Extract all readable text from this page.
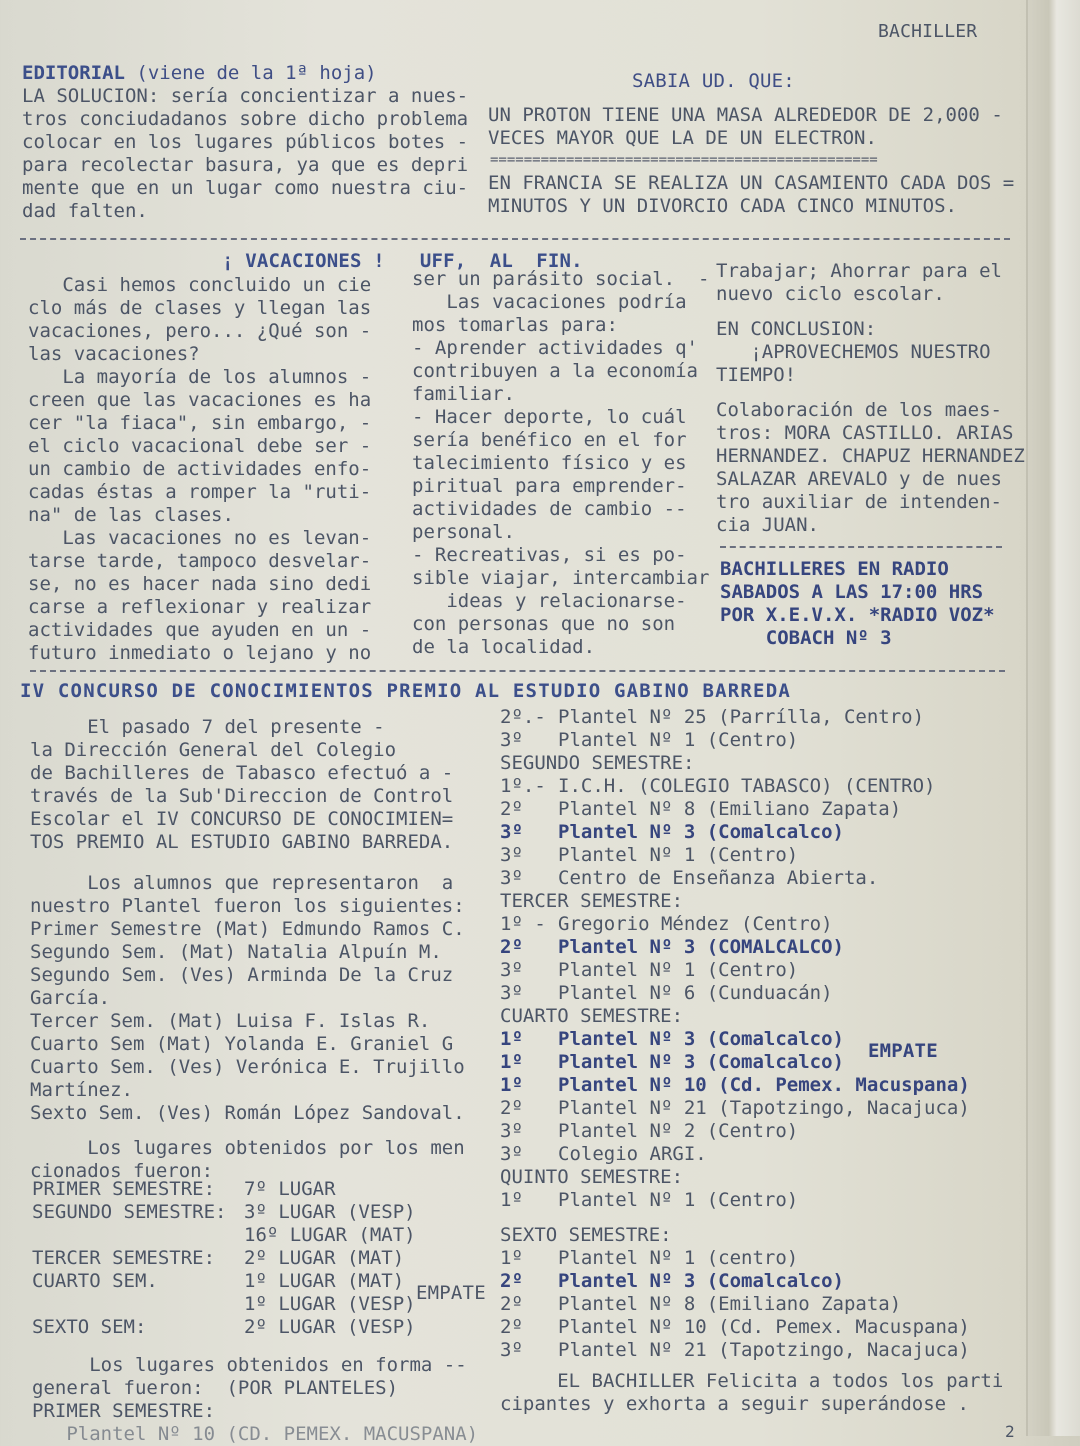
BACHILLER
EDITORIAL (viene de la 1ª hoja)
LA SOLUCION: sería concientizar a nues-
tros conciudadanos sobre dicho problema
colocar en los lugares públicos botes -
para recolectar basura, ya que es depri
mente que en un lugar como nuestra ciu-
dad falten.
SABIA UD. QUE:
UN PROTON TIENE UNA MASA ALREDEDOR DE 2,000 -
VECES MAYOR QUE LA DE UN ELECTRON.
==============================================
EN FRANCIA SE REALIZA UN CASAMIENTO CADA DOS =
MINUTOS Y UN DIVORCIO CADA CINCO MINUTOS.
¡ VACACIONES !   UFF,  AL  FIN.
Casi hemos concluido un cie
clo más de clases y llegan las
vacaciones, pero... ¿Qué son -
las vacaciones?
La mayoría de los alumnos -
creen que las vacaciones es ha
cer "la fiaca", sin embargo, -
el ciclo vacacional debe ser -
un cambio de actividades enfo-
cadas éstas a romper la "ruti-
na" de las clases.
Las vacaciones no es levan-
tarse tarde, tampoco desvelar-
se, no es hacer nada sino dedi
carse a reflexionar y realizar
actividades que ayuden en un -
futuro inmediato o lejano y no
ser un parásito social.  -
Las vacaciones podría
mos tomarlas para:
- Aprender actividades q'
contribuyen a la economía
familiar.
- Hacer deporte, lo cuál
sería benéfico en el for
talecimiento físico y es
piritual para emprender-
actividades de cambio --
personal.
- Recreativas, si es po-
sible viajar, intercambiar
ideas y relacionarse-
con personas que no son
de la localidad.
Trabajar; Ahorrar para el
nuevo ciclo escolar.
EN CONCLUSION:
¡APROVECHEMOS NUESTRO
TIEMPO!
Colaboración de los maes-
tros: MORA CASTILLO. ARIAS
HERNANDEZ. CHAPUZ HERNANDEZ
SALAZAR AREVALO y de nues
tro auxiliar de intenden-
cia JUAN.
BACHILLERES EN RADIO
SABADOS A LAS 17:00 HRS
POR X.E.V.X. *RADIO VOZ*
COBACH Nº 3
IV CONCURSO DE CONOCIMIENTOS PREMIO AL ESTUDIO GABINO BARREDA
El pasado 7 del presente -
la Dirección General del Colegio
de Bachilleres de Tabasco efectuó a -
través de la Sub'Direccion de Control
Escolar el IV CONCURSO DE CONOCIMIEN=
TOS PREMIO AL ESTUDIO GABINO BARREDA.
Los alumnos que representaron  a
nuestro Plantel fueron los siguientes:
Primer Semestre (Mat) Edmundo Ramos C.
Segundo Sem. (Mat) Natalia Alpuín M.
Segundo Sem. (Ves) Arminda De la Cruz
García.
Tercer Sem. (Mat) Luisa F. Islas R.
Cuarto Sem (Mat) Yolanda E. Graniel G
Cuarto Sem. (Ves) Verónica E. Trujillo
Martínez.
Sexto Sem. (Ves) Román López Sandoval.
Los lugares obtenidos por los men
cionados fueron:
PRIMER SEMESTRE: 7º LUGAR
SEGUNDO SEMESTRE: 3º LUGAR (VESP)
16º LUGAR (MAT)
TERCER SEMESTRE: 2º LUGAR (MAT)
CUARTO SEM.	1º LUGAR (MAT)
1º LUGAR (VESP)
SEXTO SEM:	2º LUGAR (VESP)
EMPATE
Los lugares obtenidos en forma --
general fueron:  (POR PLANTELES)
PRIMER SEMESTRE:
Plantel Nº 10 (CD. PEMEX. MACUSPANA)
2º.- Plantel Nº 25 (Parrílla, Centro)
3º Plantel Nº 1 (Centro)
SEGUNDO SEMESTRE:
1º.- I.C.H. (COLEGIO TABASCO) (CENTRO)
2º Plantel Nº 8 (Emiliano Zapata)
3º Plantel Nº 3 (Comalcalco)
3º Plantel Nº 1 (Centro)
3º Centro de Enseñanza Abierta.
TERCER SEMESTRE:
1º - Gregorio Méndez (Centro)
2º Plantel Nº 3 (COMALCALCO)
3º Plantel Nº 1 (Centro)
3º Plantel Nº 6 (Cunduacán)
CUARTO SEMESTRE:
1º Plantel Nº 3 (Comalcalco)
1º Plantel Nº 3 (Comalcalco)
1º Plantel Nº 10 (Cd. Pemex. Macuspana)
2º Plantel Nº 21 (Tapotzingo, Nacajuca)
3º Plantel Nº 2 (Centro)
3º Colegio ARGI.
QUINTO SEMESTRE:
1º Plantel Nº 1 (Centro)
SEXTO SEMESTRE:
1º Plantel Nº 1 (centro)
2º Plantel Nº 3 (Comalcalco)
2º Plantel Nº 8 (Emiliano Zapata)
2º Plantel Nº 10 (Cd. Pemex. Macuspana)
3º Plantel Nº 21 (Tapotzingo, Nacajuca)
EL BACHILLER Felicita a todos los parti
cipantes y exhorta a seguir superándose .
EMPATE
2
